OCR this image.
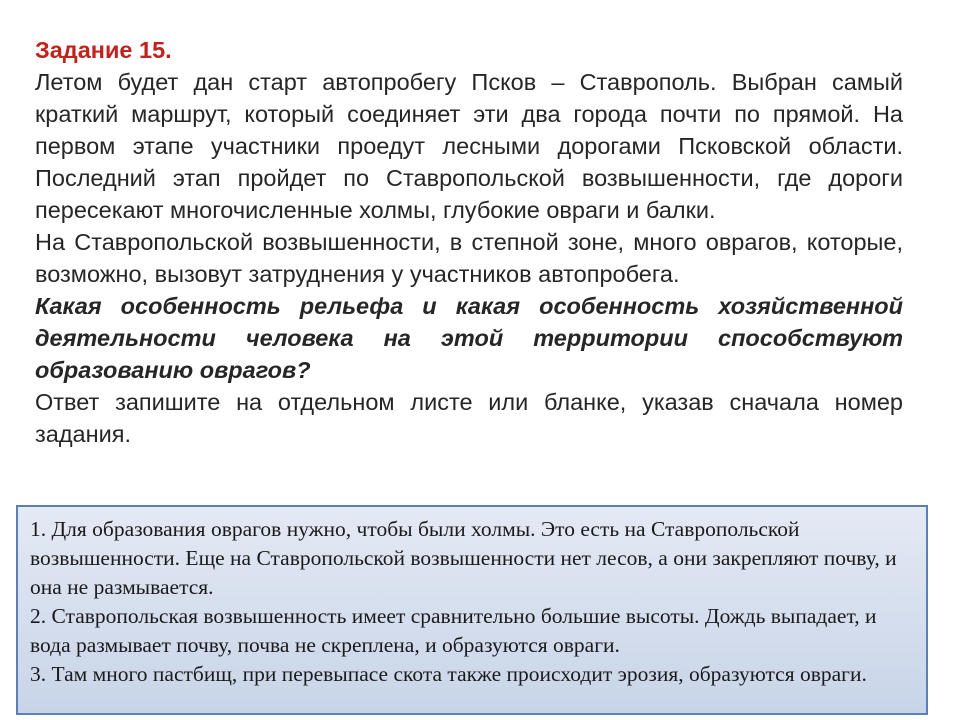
Задание 15.

Летом будет дан старт автопробегу Псков – Ставрополь. Выбран самый краткий маршрут, который соединяет эти два города почти по прямой. На первом этапе участники проедут лесными дорогами Псковской области. Последний этап пройдет по Ставропольской возвышенности, где дороги пересекают многочисленные холмы, глубокие овраги и балки.

На Ставропольской возвышенности, в степной зоне, много оврагов, которые, возможно, вызовут затруднения у участников автопробега.

Какая особенность рельефа и какая особенность хозяйственной деятельности человека на этой территории способствуют образованию оврагов?

Ответ запишите на отдельном листе или бланке, указав сначала номер задания.

1. Для образования оврагов нужно, чтобы были холмы. Это есть на Ставропольской возвышенности. Еще на Ставропольской возвышенности нет лесов, а они закрепляют почву, и она не размывается.

2. Ставропольская возвышенность имеет сравнительно большие высоты. Дождь выпадает, и вода размывает почву, почва не скреплена, и образуются овраги.

3. Там много пастбищ, при перевыпасе скота также происходит эрозия, образуются овраги.
